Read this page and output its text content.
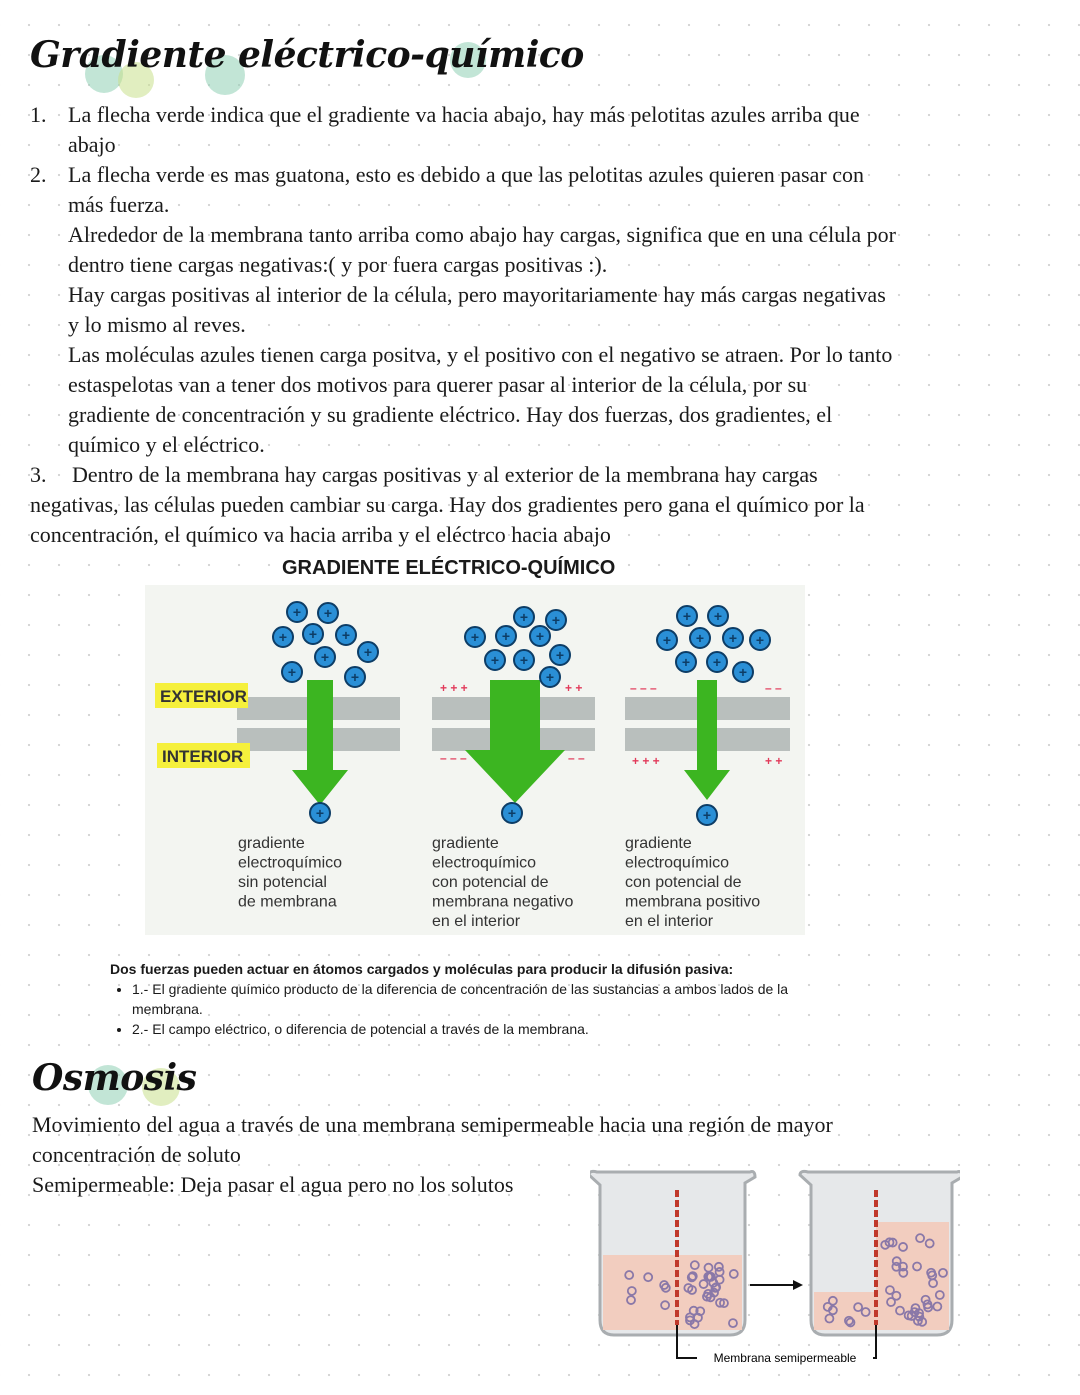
Gradiente eléctrico-químico
1. La flecha verde indica que el gradiente va hacia abajo, hay más pelotitas azules arriba que
abajo
2. La flecha verde es mas guatona, esto es debido a que las pelotitas azules quieren pasar con
más fuerza.
Alrededor de la membrana tanto arriba como abajo hay cargas, significa que en una célula por
dentro tiene cargas negativas:( y por fuera cargas positivas :).
Hay cargas positivas al interior de la célula, pero mayoritariamente hay más cargas negativas
y lo mismo al reves.
Las moléculas azules tienen carga positva, y el positivo con el negativo se atraen. Por lo tanto
estaspelotas van a tener dos motivos para querer pasar al interior de la célula, por su
gradiente de concentración y su gradiente eléctrico. Hay dos fuerzas, dos gradientes, el
químico y el eléctrico.
3. Dentro de la membrana hay cargas positivas y al exterior de la membrana hay cargas
negativas, las células pueden cambiar su carga. Hay dos gradientes pero gana el químico por la
concentración, el químico va hacia arriba y el eléctrco hacia abajo
GRADIENTE ELÉCTRICO-QUÍMICO
EXTERIOR
INTERIOR
+ +
+ + +
+ +
+	+
+ +
+ + +
+ + +
+
+ +
+ + + +
+ +
+
+	+	+
+ + +	+ +
– – –	– –
– – –	– –
+ + +	+ +
gradiente
electroquímico
sin potencial
de membrana
gradiente
electroquímico
con potencial de
membrana negativo
en el interior
gradiente
electroquímico
con potencial de
membrana positivo
en el interior
Dos fuerzas pueden actuar en átomos cargados y moléculas para producir la difusión pasiva:
• 1.- El gradiente químico producto de la diferencia de concentración de las sustancias a ambos lados de la membrana.
• 2.- El campo eléctrico, o diferencia de potencial a través de la membrana.
Osmosis
Movimiento del agua a través de una membrana semipermeable hacia una región de mayor
concentración de soluto
Semipermeable: Deja pasar el agua pero no los solutos
Membrana semipermeable
